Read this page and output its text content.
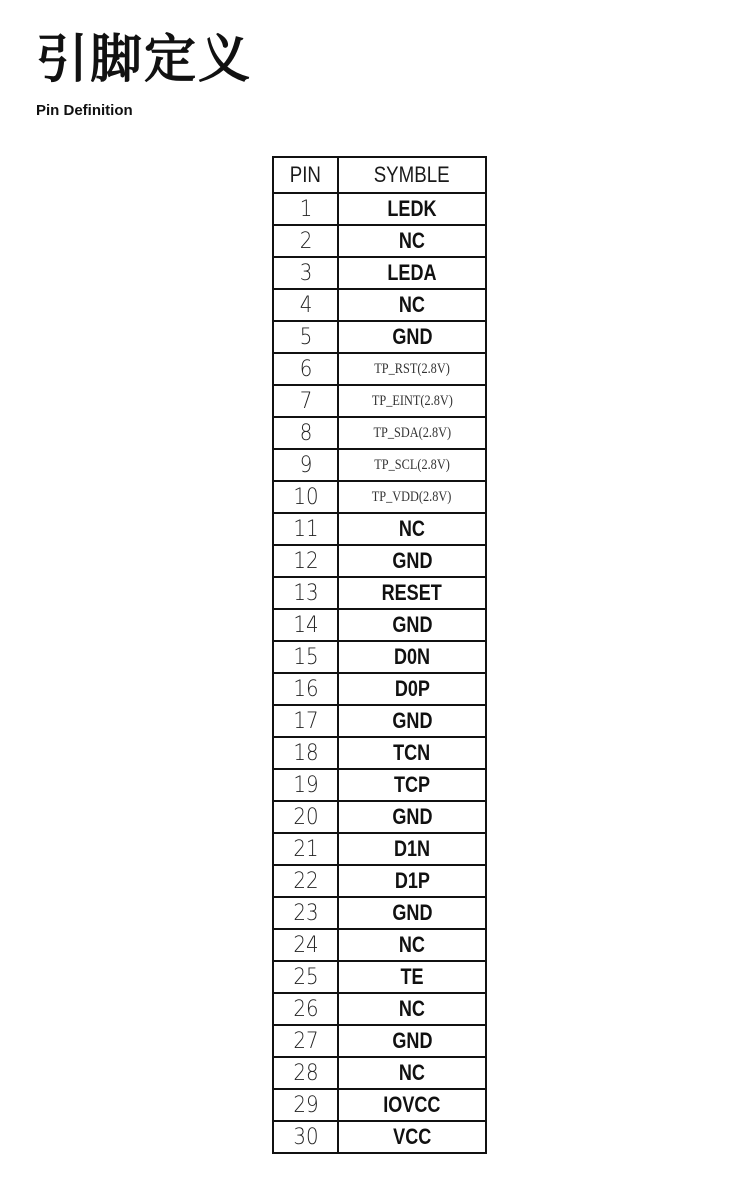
引脚定义
Pin Definition
PIN	SYMBLE
1	LEDK
2	NC
3	LEDA
4	NC
5	GND
6	TP_RST(2.8V)
7	TP_EINT(2.8V)
8	TP_SDA(2.8V)
9	TP_SCL(2.8V)
10	TP_VDD(2.8V)
11	NC
12	GND
13	RESET
14	GND
15	D0N
16	D0P
17	GND
18	TCN
19	TCP
20	GND
21	D1N
22	D1P
23	GND
24	NC
25	TE
26	NC
27	GND
28	NC
29	IOVCC
30	VCC
